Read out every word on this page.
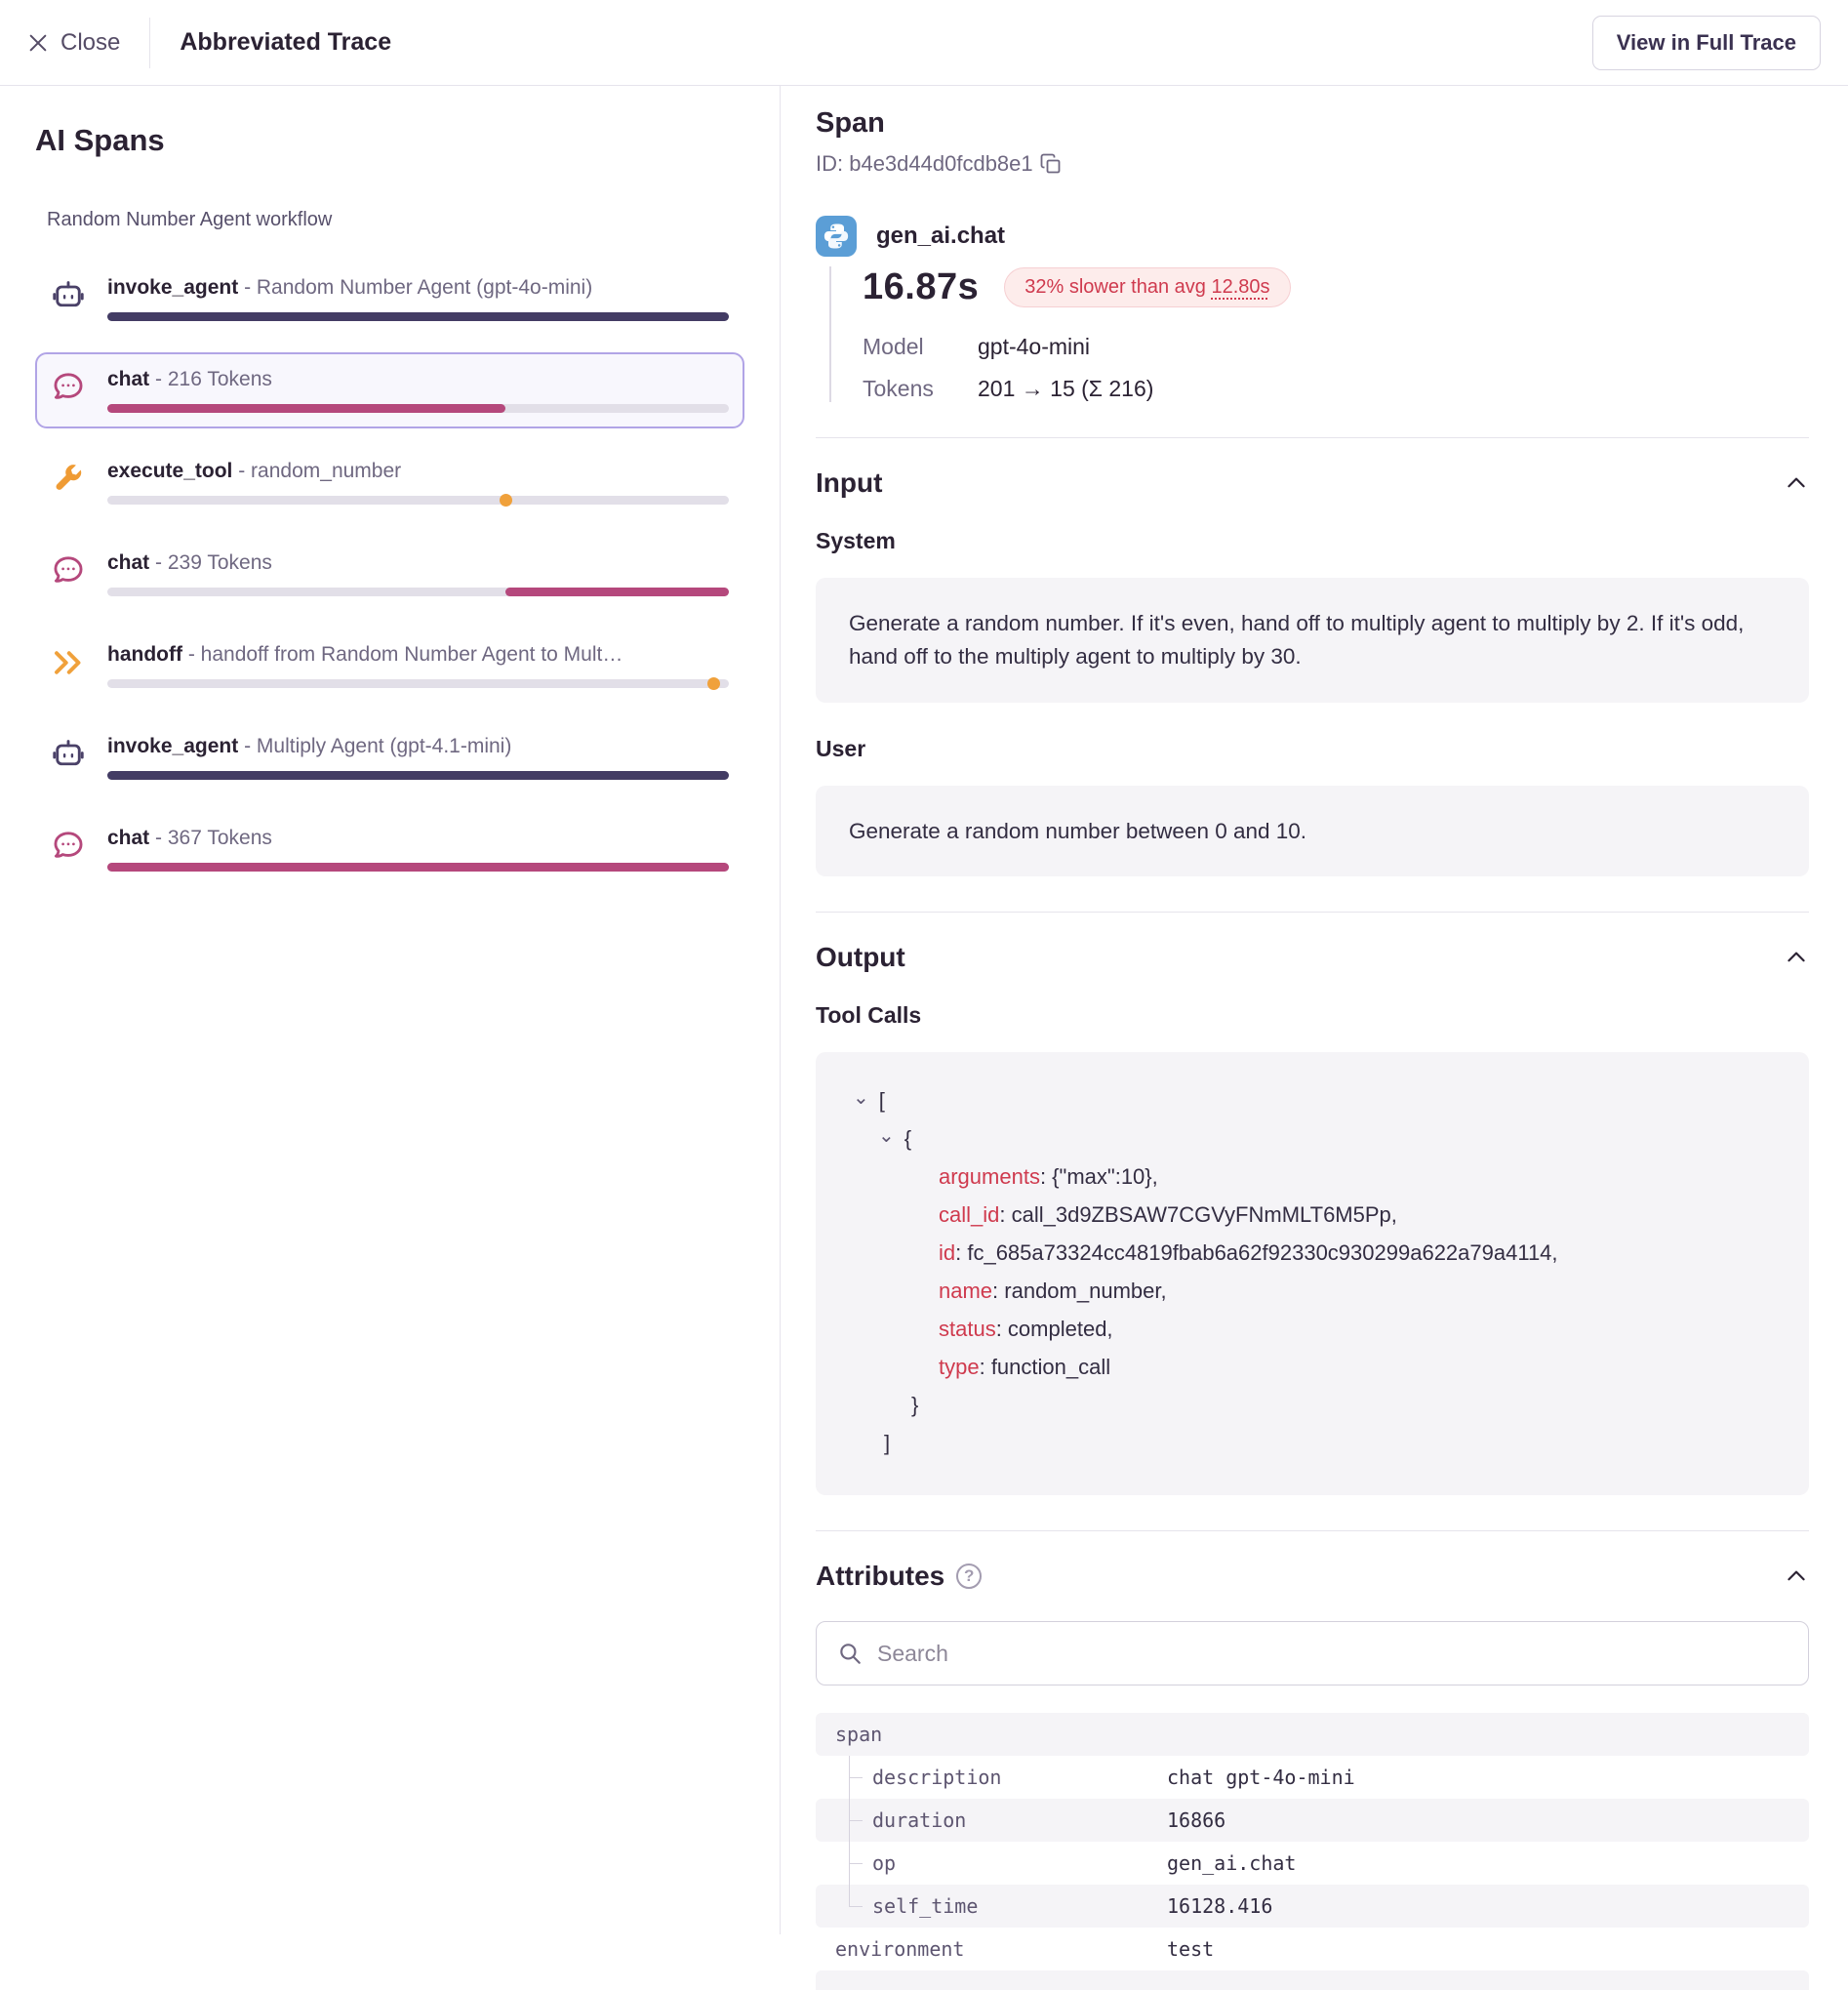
Close Abbreviated Trace	View in Full Trace
AI Spans
Random Number Agent workflow
invoke_agent - Random Number Agent (gpt-4o-mini)
chat - 216 Tokens
execute_tool - random_number
chat - 239 Tokens
handoff - handoff from Random Number Agent to Mult…
invoke_agent - Multiply Agent (gpt-4.1-mini)
chat - 367 Tokens
Span
ID: b4e3d44d0fcdb8e1
gen_ai.chat
16.87s	32% slower than avg 12.80s
Model	gpt-4o-mini
Tokens	201 → 15 (Σ 216)
Input
System
Generate a random number. If it's even, hand off to multiply agent to multiply by 2. If it's odd, hand off to the multiply agent to multiply by 30.
User
Generate a random number between 0 and 10.
Output
Tool Calls
⌄ [
⌄ {
arguments : {"max":10},
call_id : call_3d9ZBSAW7CGVyFNmMLT6M5Pp,
id : fc_685a73324cc4819fbab6a62f92330c930299a622a79a4114,
name : random_number,
status : completed,
type : function_call
}
]
Attributes	?
Search
span
description	chat gpt-4o-mini
duration	16866
op	gen_ai.chat
self_time	16128.416
environment	test
